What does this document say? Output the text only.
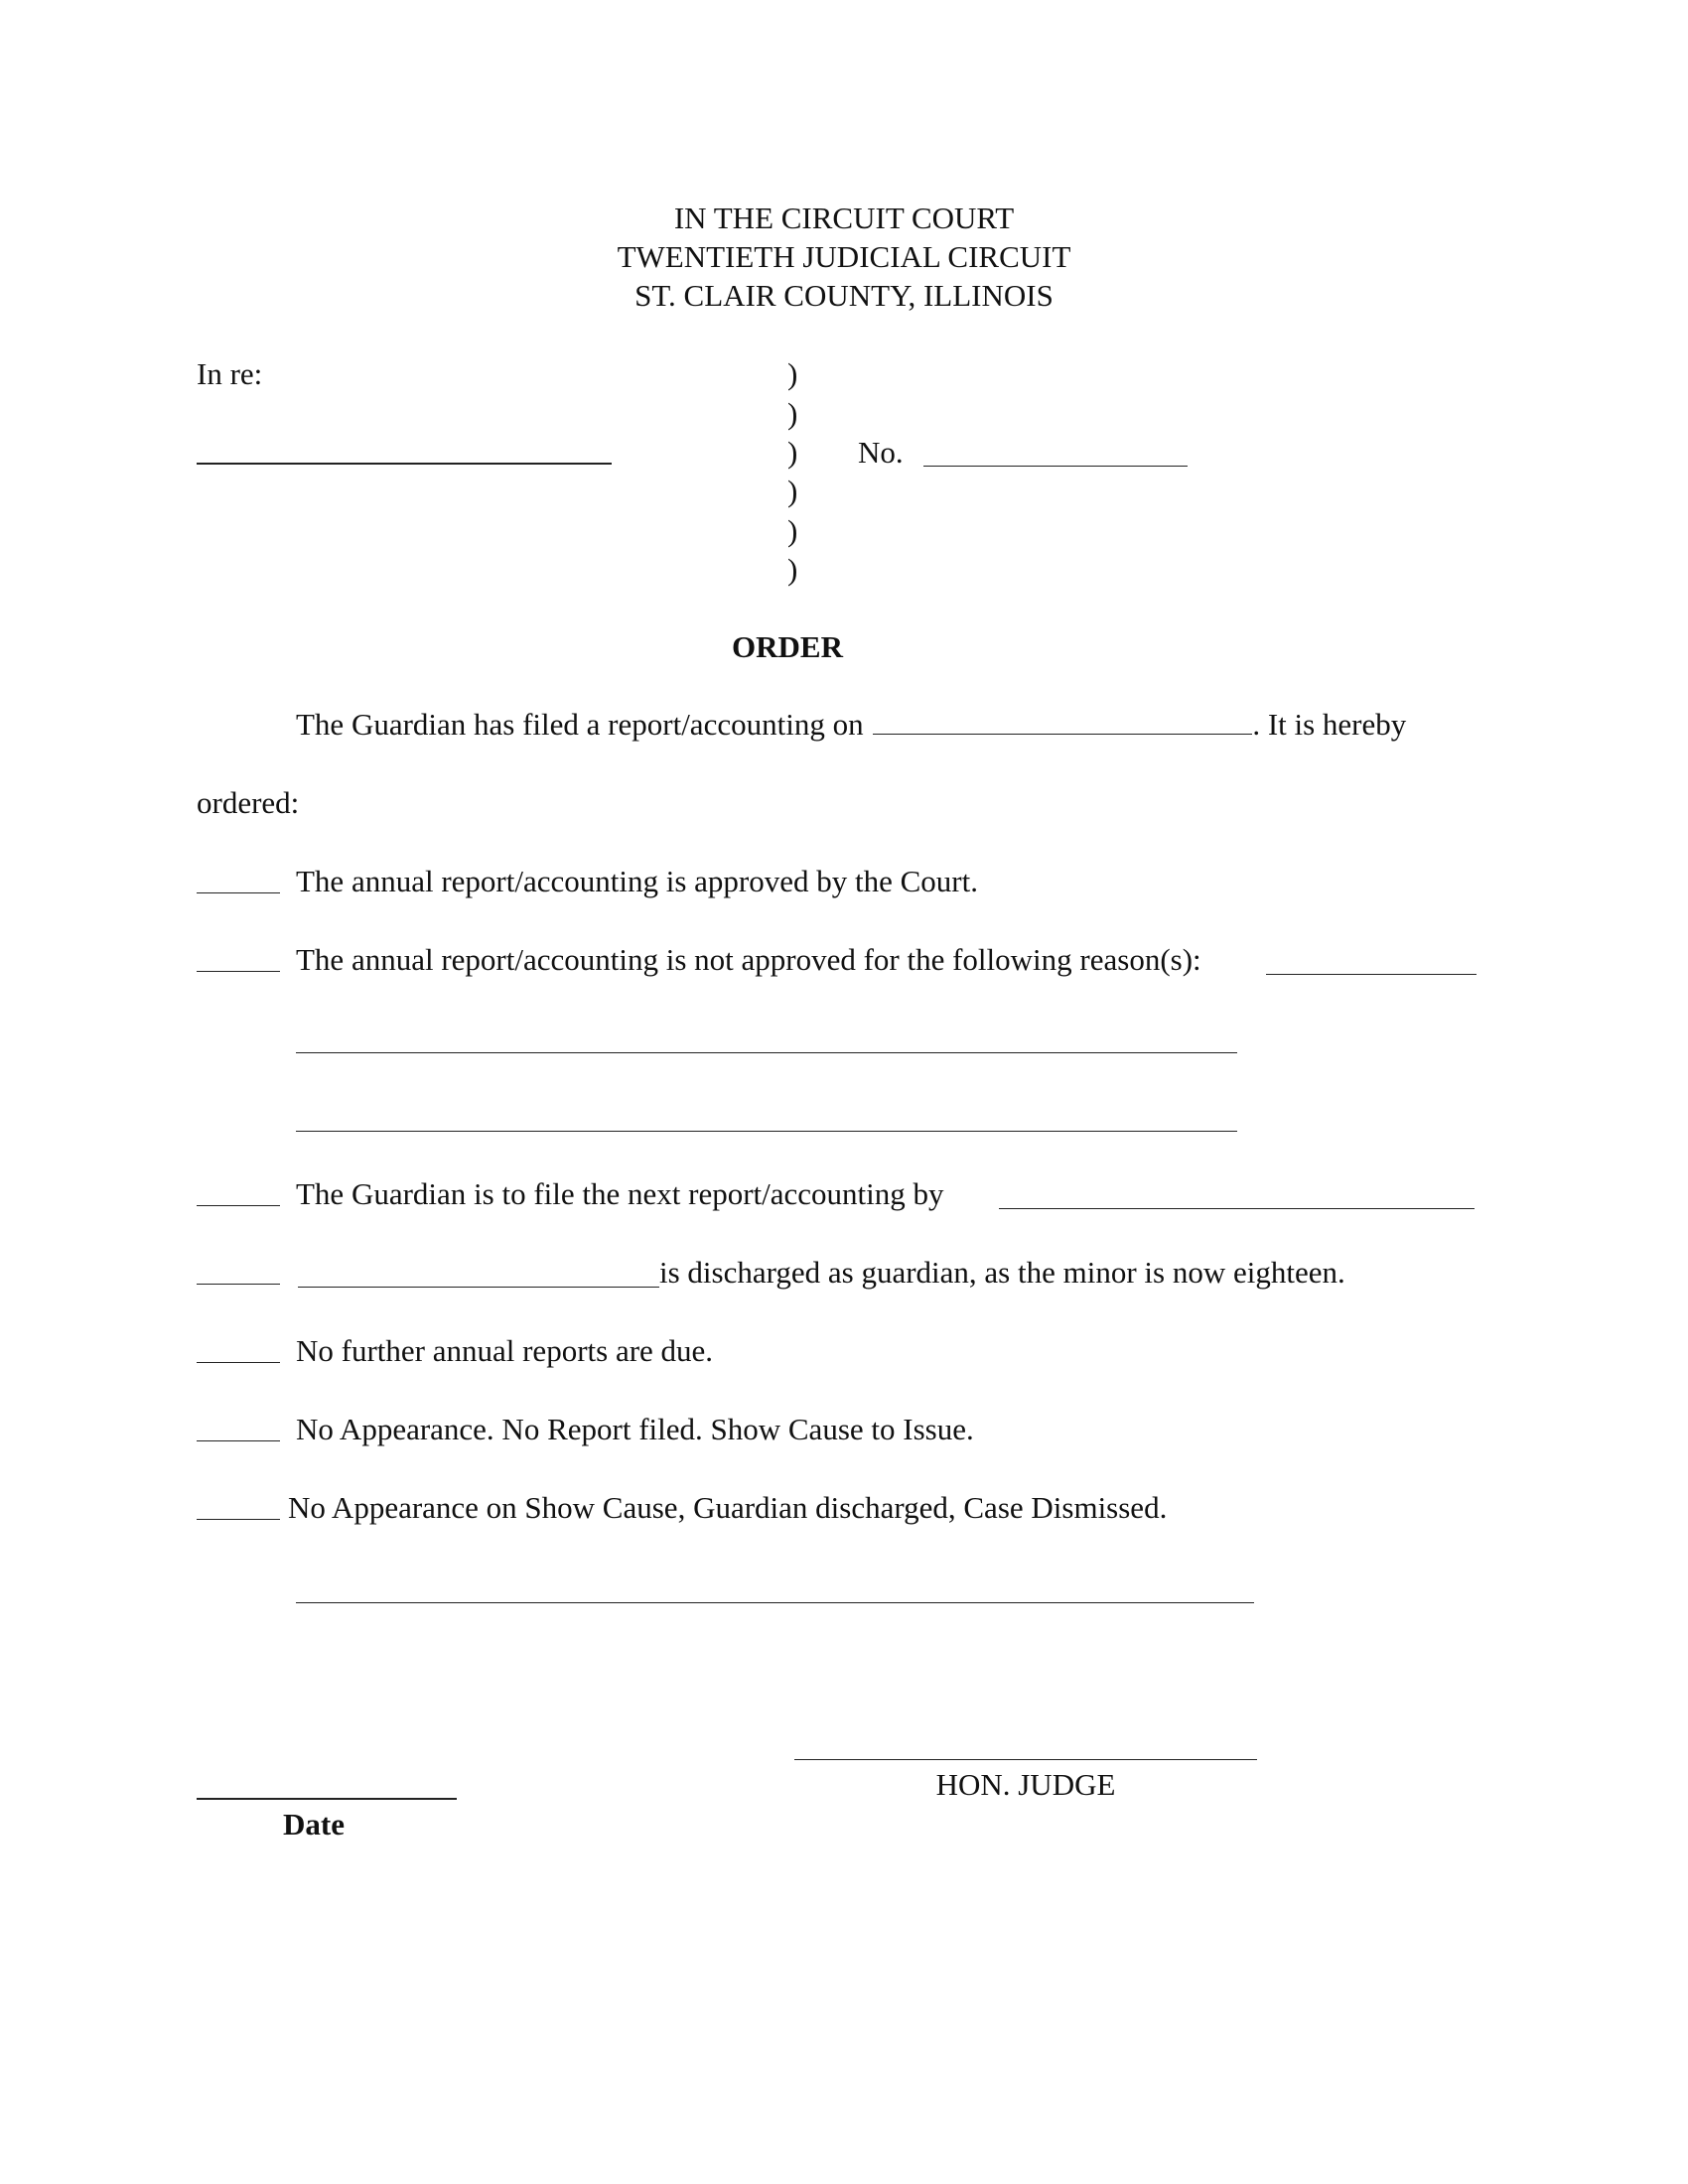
IN THE CIRCUIT COURT
TWENTIETH JUDICIAL CIRCUIT
ST. CLAIR COUNTY, ILLINOIS
In re:	)
)
)
)
)
)
No.
ORDER
The Guardian has filed a report/accounting on	. It is hereby
ordered:
The annual report/accounting is approved by the Court.
The annual report/accounting is not approved for the following reason(s):
The Guardian is to file the next report/accounting by
is discharged as guardian, as the minor is now eighteen.
No further annual reports are due.
No Appearance. No Report filed. Show Cause to Issue.
No Appearance on Show Cause, Guardian discharged, Case Dismissed.
HON. JUDGE
Date
